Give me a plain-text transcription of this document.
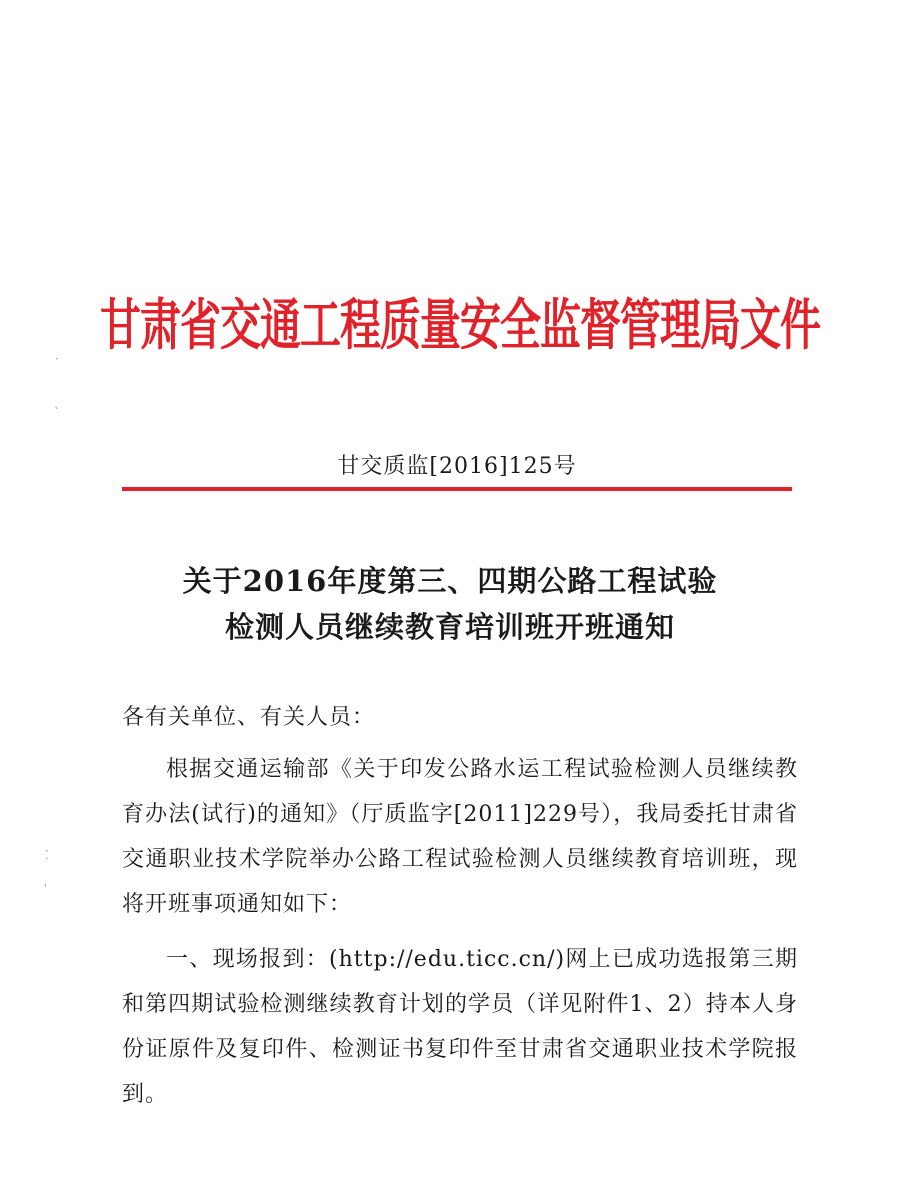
甘肃省交通工程质量安全监督管理局文件
甘交质监[2016]125号
关于2016年度第三、四期公路工程试验
检测人员继续教育培训班开班通知

各有关单位、有关人员：

根据交通运输部《关于印发公路水运工程试验检测人员继续教育办法(试行)的通知》（厅质监字[2011]229号），我局委托甘肃省交通职业技术学院举办公路工程试验检测人员继续教育培训班，现将开班事项通知如下：

一、现场报到：(http://edu.ticc.cn/)网上已成功选报第三期和第四期试验检测继续教育计划的学员（详见附件1、2）持本人身份证原件及复印件、检测证书复印件至甘肃省交通职业技术学院报到。

·
ˎ
⁚
ˈ
